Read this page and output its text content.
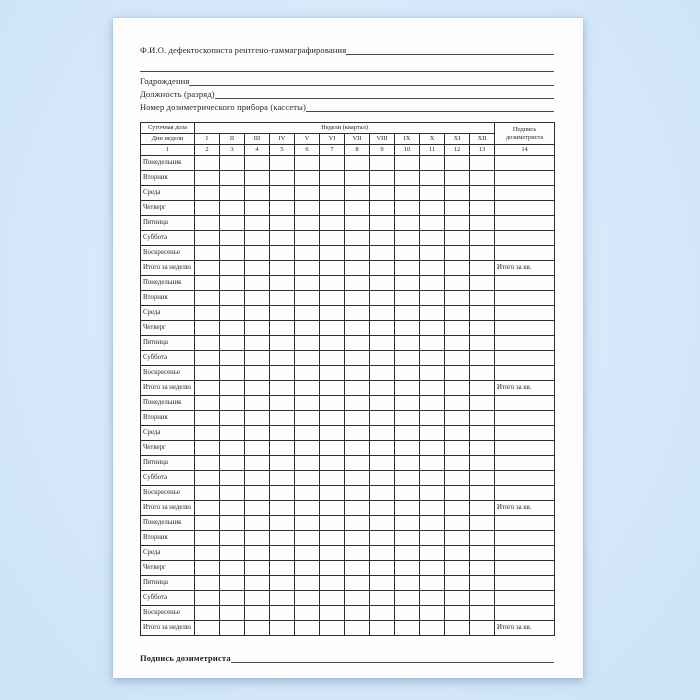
Ф.И.О. дефектоскописта рентгено-гаммаграфирования
Годрождения
Должность (разряд)
Номер дозиметрического прибора (кассеты)
Суточная доза	Недели (квартал)												Подпись дозиметриста
Дни недели	I	II	III	IV	V	VI	VII	VIII	IX	X	XI	XII	
1	2	3	4	5	6	7	8	9	10	11	12	13	14
Понедельник													
Вторник													
Среда													
Четверг													
Пятница													
Суббота													
Воскресенье													
Итого за неделю													Итого за кв.
Понедельник													
Вторник													
Среда													
Четверг													
Пятница													
Суббота													
Воскресенье													
Итого за неделю													Итого за кв.
Понедельник													
Вторник													
Среда													
Четверг													
Пятница													
Суббота													
Воскресенье													
Итого за неделю													Итого за кв.
Понедельник													
Вторник													
Среда													
Четверг													
Пятница													
Суббота													
Воскресенье													
Итого за неделю													Итого за кв.
Подпись дозиметриста
